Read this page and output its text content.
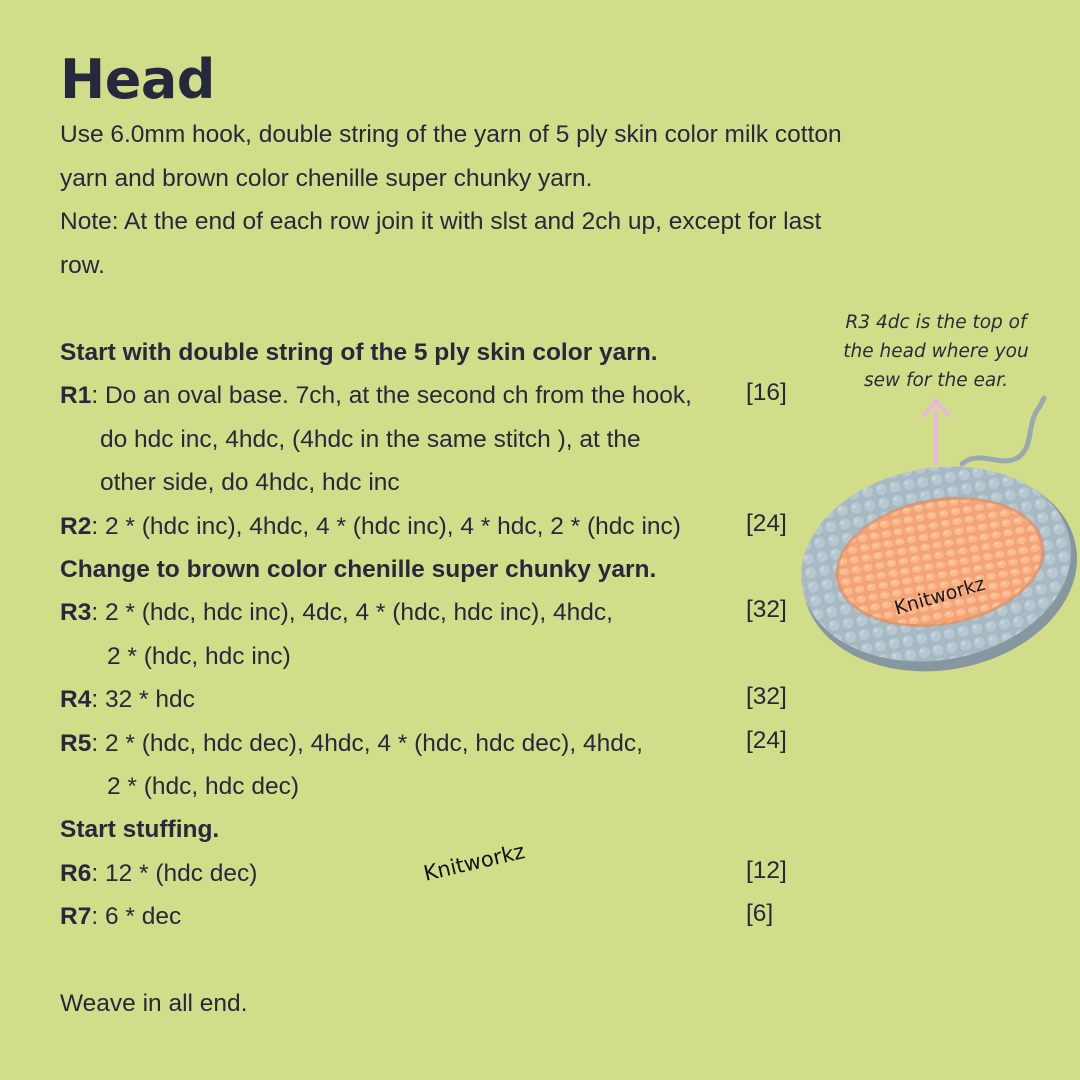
Head

Use 6.0mm hook, double string of the yarn of 5 ply skin color milk cotton yarn and brown color chenille super chunky yarn.

Note: At the end of each row join it with slst and 2ch up, except for last row.

Start with double string of the 5 ply skin color yarn.
R1: Do an oval base. 7ch, at the second ch from the hook,
do hdc inc, 4hdc, (4hdc in the same stitch ), at the
other side, do 4hdc, hdc inc
[16]
R2: 2 * (hdc inc), 4hdc, 4 * (hdc inc), 4 * hdc, 2 * (hdc inc)	[24]
Change to brown color chenille super chunky yarn.
R3: 2 * (hdc, hdc inc), 4dc, 4 * (hdc, hdc inc), 4hdc,
2 * (hdc, hdc inc)
[32]
R4: 32 * hdc	[32]
R5: 2 * (hdc, hdc dec), 4hdc, 4 * (hdc, hdc dec), 4hdc,
2 * (hdc, hdc dec)
[24]
Start stuffing.
R6: 12 * (hdc dec)	[12]
R7: 6 * dec	[6]
Knitworkz
R3 4dc is the top of the head where you sew for the ear.
Knitworkz
Weave in all end.
